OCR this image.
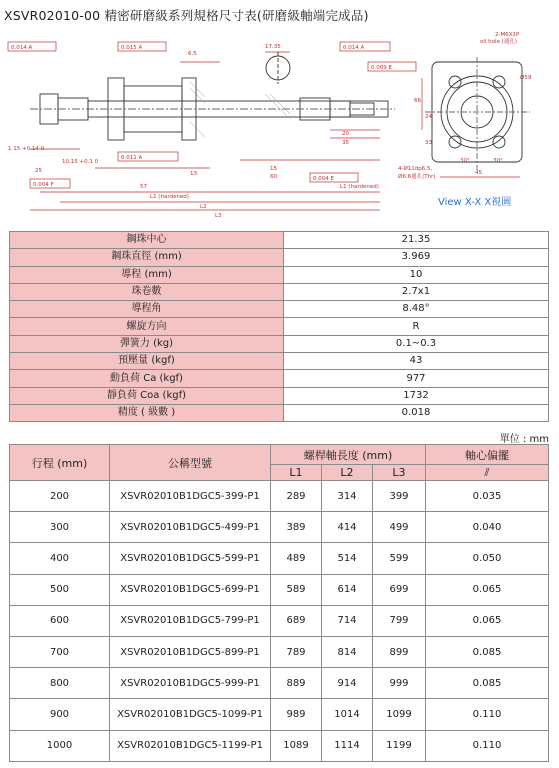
XSVR02010-00 精密研磨級系列規格尺寸表(研磨級軸端完成品)
0.014 A	0.015 A	0.014 A
0.009 E
0.011 A
0.004 E
0.004 F
1.15 +0.14 0
10.15 +0.1 0
6.5
17.35
57
13
15
60
L1 (hardened)
20
35
25
L1 (hardened)
L2
L3
2-M6X1P
oil hole (通孔)
Ø59
66
24
33
45
4-Ø11dp6.5,
Ø6.6通孔(Thr)
30°	30°
View X-X X視圖
鋼珠中心	21.35
鋼珠直徑 (mm)	3.969
導程 (mm)	10
珠卷數	2.7x1
導程角	8.48°
螺旋方向	R
彈簧力 (kg)	0.1~0.3
預壓量 (kgf)	43
動負荷 Ca (kgf)	977
靜負荷 Coa (kgf)	1732
精度 ( 級數 )	0.018
單位 : mm
行程 (mm)	公稱型號	螺桿軸長度 (mm)			軸心偏擺
		L1	L2	L3	⫽
200	XSVR02010B1DGC5-399-P1	289	314	399	0.035
300	XSVR02010B1DGC5-499-P1	389	414	499	0.040
400	XSVR02010B1DGC5-599-P1	489	514	599	0.050
500	XSVR02010B1DGC5-699-P1	589	614	699	0.065
600	XSVR02010B1DGC5-799-P1	689	714	799	0.065
700	XSVR02010B1DGC5-899-P1	789	814	899	0.085
800	XSVR02010B1DGC5-999-P1	889	914	999	0.085
900	XSVR02010B1DGC5-1099-P1	989	1014	1099	0.110
1000	XSVR02010B1DGC5-1199-P1	1089	1114	1199	0.110
